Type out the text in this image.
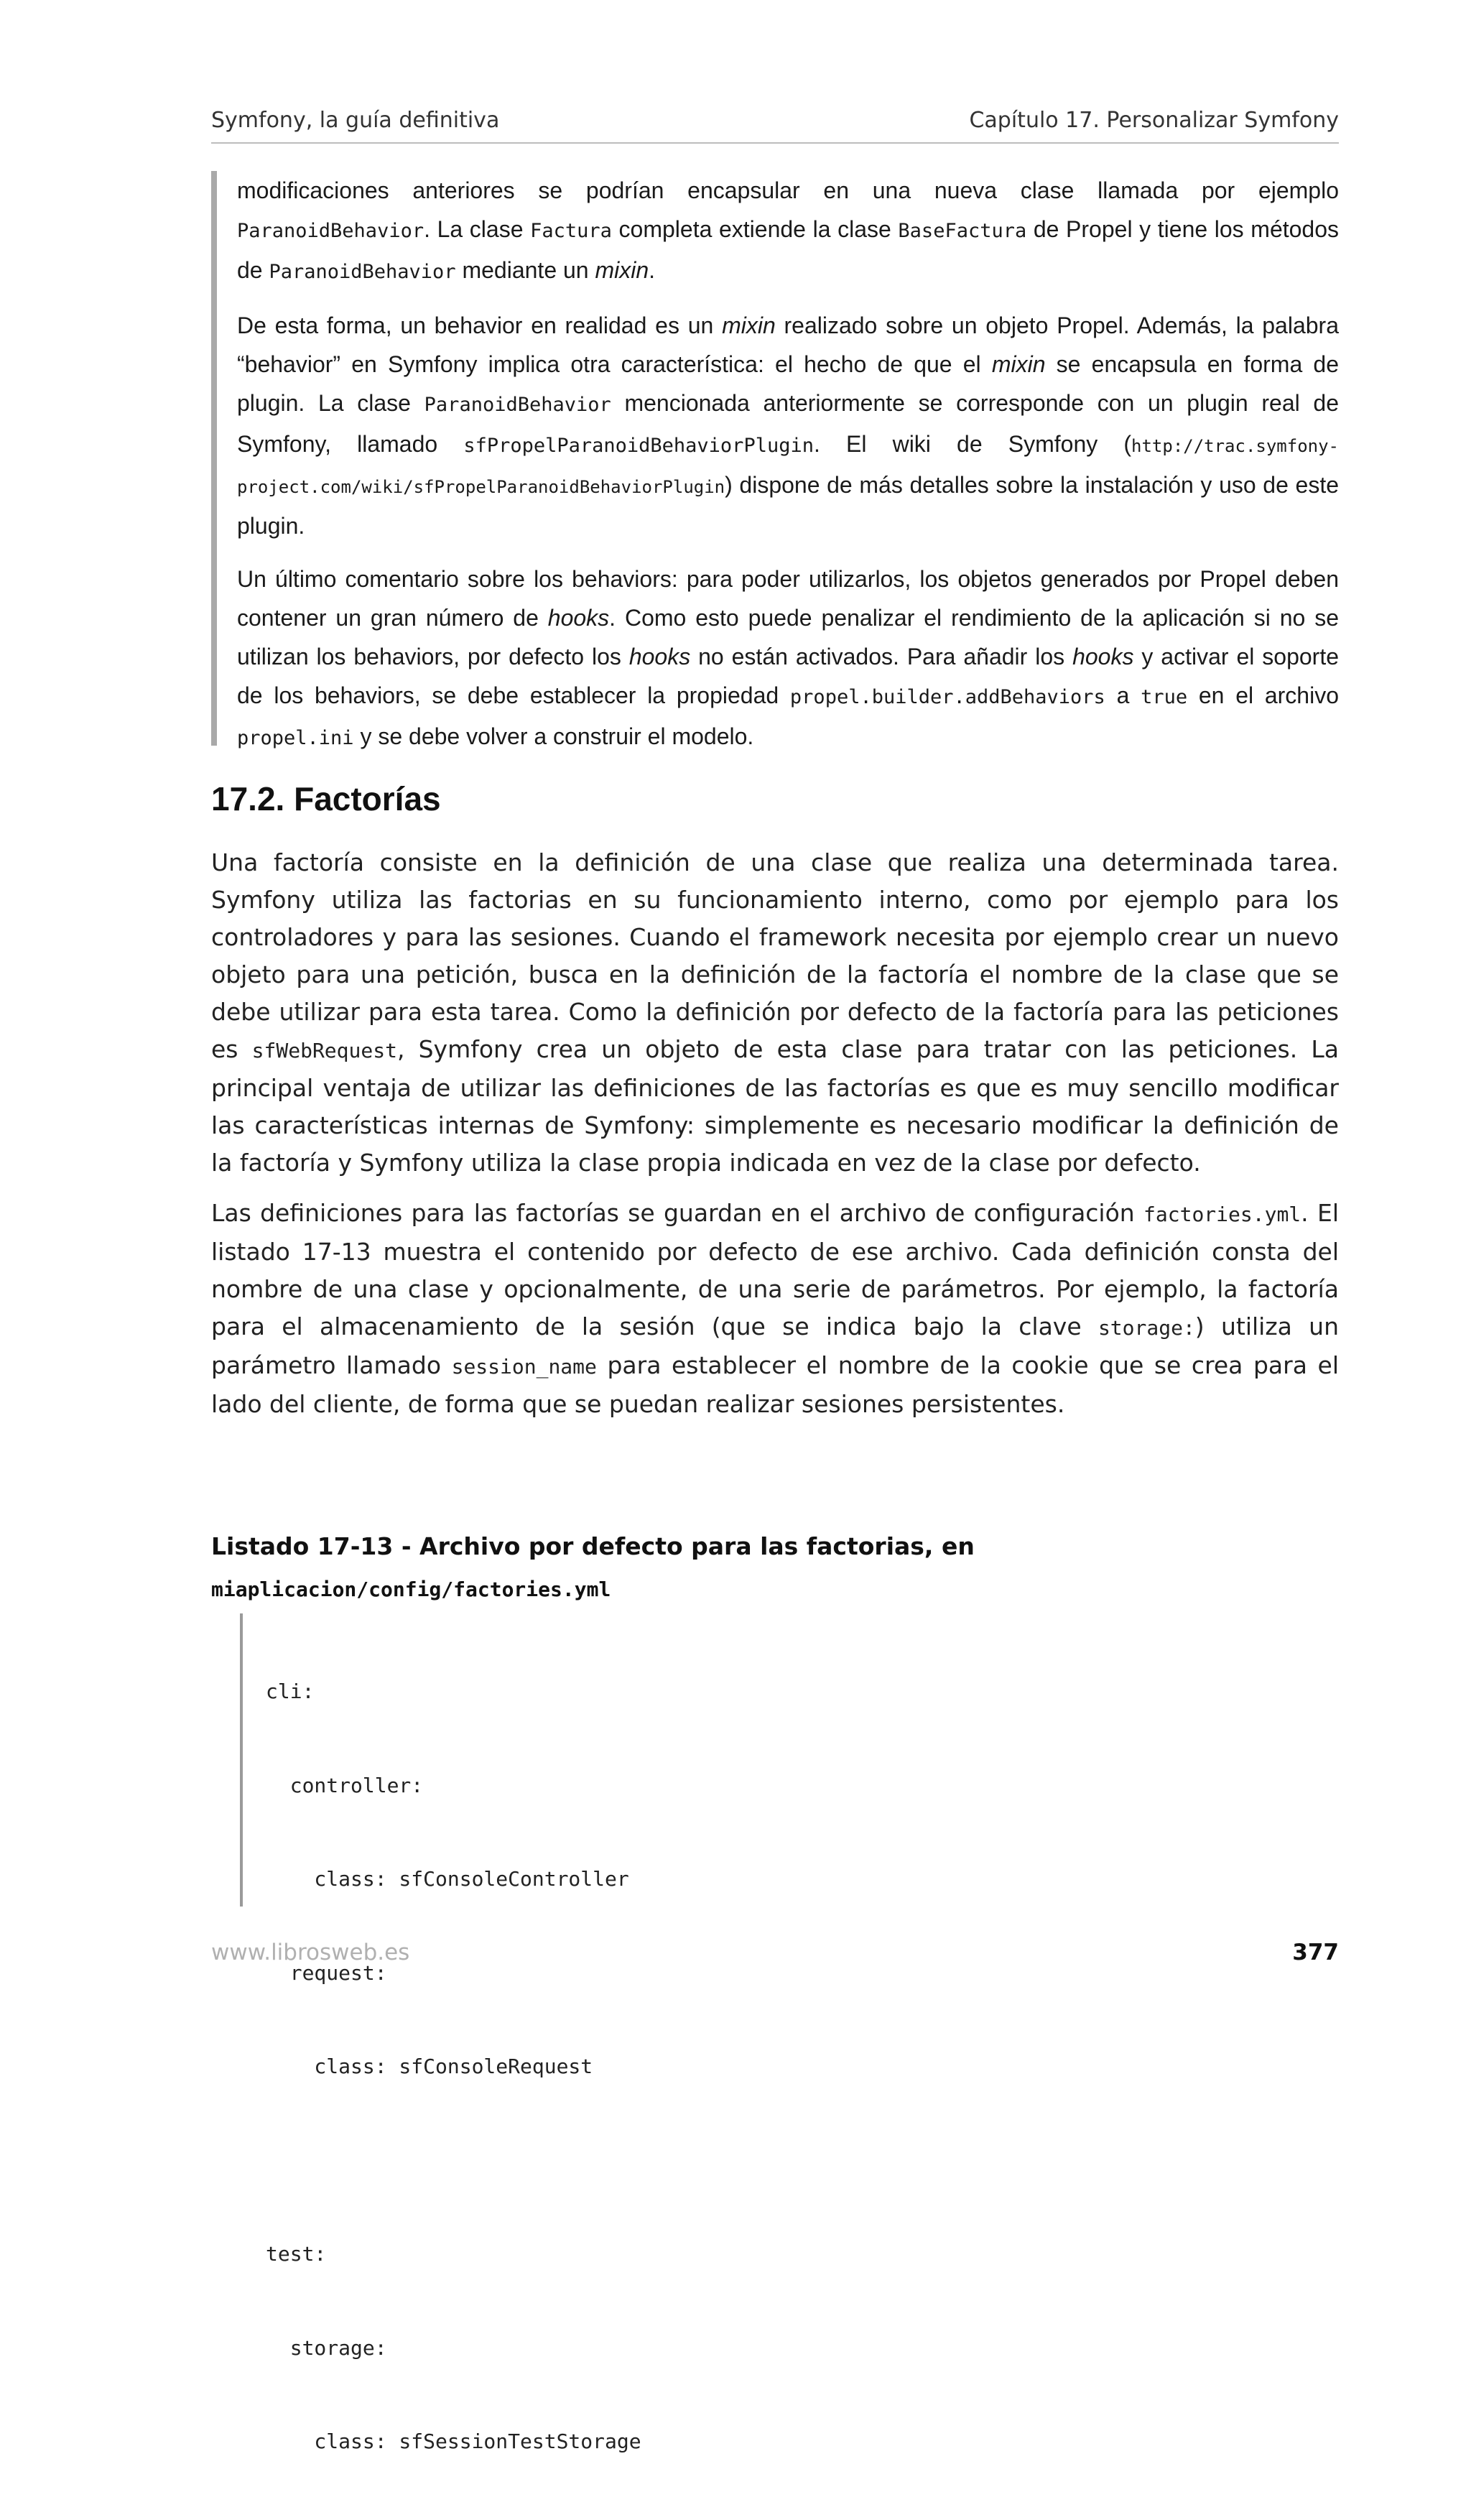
Symfony, la guía definitiva	Capítulo 17. Personalizar Symfony

modificaciones anteriores se podrían encapsular en una nueva clase llamada por ejemplo ParanoidBehavior. La clase Factura completa extiende la clase BaseFactura de Propel y tiene los métodos de ParanoidBehavior mediante un mixin.

De esta forma, un behavior en realidad es un mixin realizado sobre un objeto Propel. Además, la palabra “behavior” en Symfony implica otra característica: el hecho de que el mixin se encapsula en forma de plugin. La clase ParanoidBehavior mencionada anteriormente se corresponde con un plugin real de Symfony, llamado sfPropelParanoidBehaviorPlugin. El wiki de Symfony (http://trac.symfony-project.com/wiki/sfPropelParanoidBehaviorPlugin) dispone de más detalles sobre la instalación y uso de este plugin.

Un último comentario sobre los behaviors: para poder utilizarlos, los objetos generados por Propel deben contener un gran número de hooks. Como esto puede penalizar el rendimiento de la aplicación si no se utilizan los behaviors, por defecto los hooks no están activados. Para añadir los hooks y activar el soporte de los behaviors, se debe establecer la propiedad propel.builder.addBehaviors a true en el archivo propel.ini y se debe volver a construir el modelo.

17.2. Factorías

Una factoría consiste en la definición de una clase que realiza una determinada tarea. Symfony utiliza las factorias en su funcionamiento interno, como por ejemplo para los controladores y para las sesiones. Cuando el framework necesita por ejemplo crear un nuevo objeto para una petición, busca en la definición de la factoría el nombre de la clase que se debe utilizar para esta tarea. Como la definición por defecto de la factoría para las peticiones es sfWebRequest, Symfony crea un objeto de esta clase para tratar con las peticiones. La principal ventaja de utilizar las definiciones de las factorías es que es muy sencillo modificar las características internas de Symfony: simplemente es necesario modificar la definición de la factoría y Symfony utiliza la clase propia indicada en vez de la clase por defecto.

Las definiciones para las factorías se guardan en el archivo de configuración factories.yml. El listado 17-13 muestra el contenido por defecto de ese archivo. Cada definición consta del nombre de una clase y opcionalmente, de una serie de parámetros. Por ejemplo, la factoría para el almacenamiento de la sesión (que se indica bajo la clave storage:) utiliza un parámetro llamado session_name para establecer el nombre de la cookie que se crea para el lado del cliente, de forma que se puedan realizar sesiones persistentes.

Listado 17-13 - Archivo por defecto para las factorias, en miaplicacion/config/factories.yml

cli:

controller:

class: sfConsoleController

request:

class: sfConsoleRequest

test:

storage:

class: sfSessionTestStorage

www.librosweb.es	377
